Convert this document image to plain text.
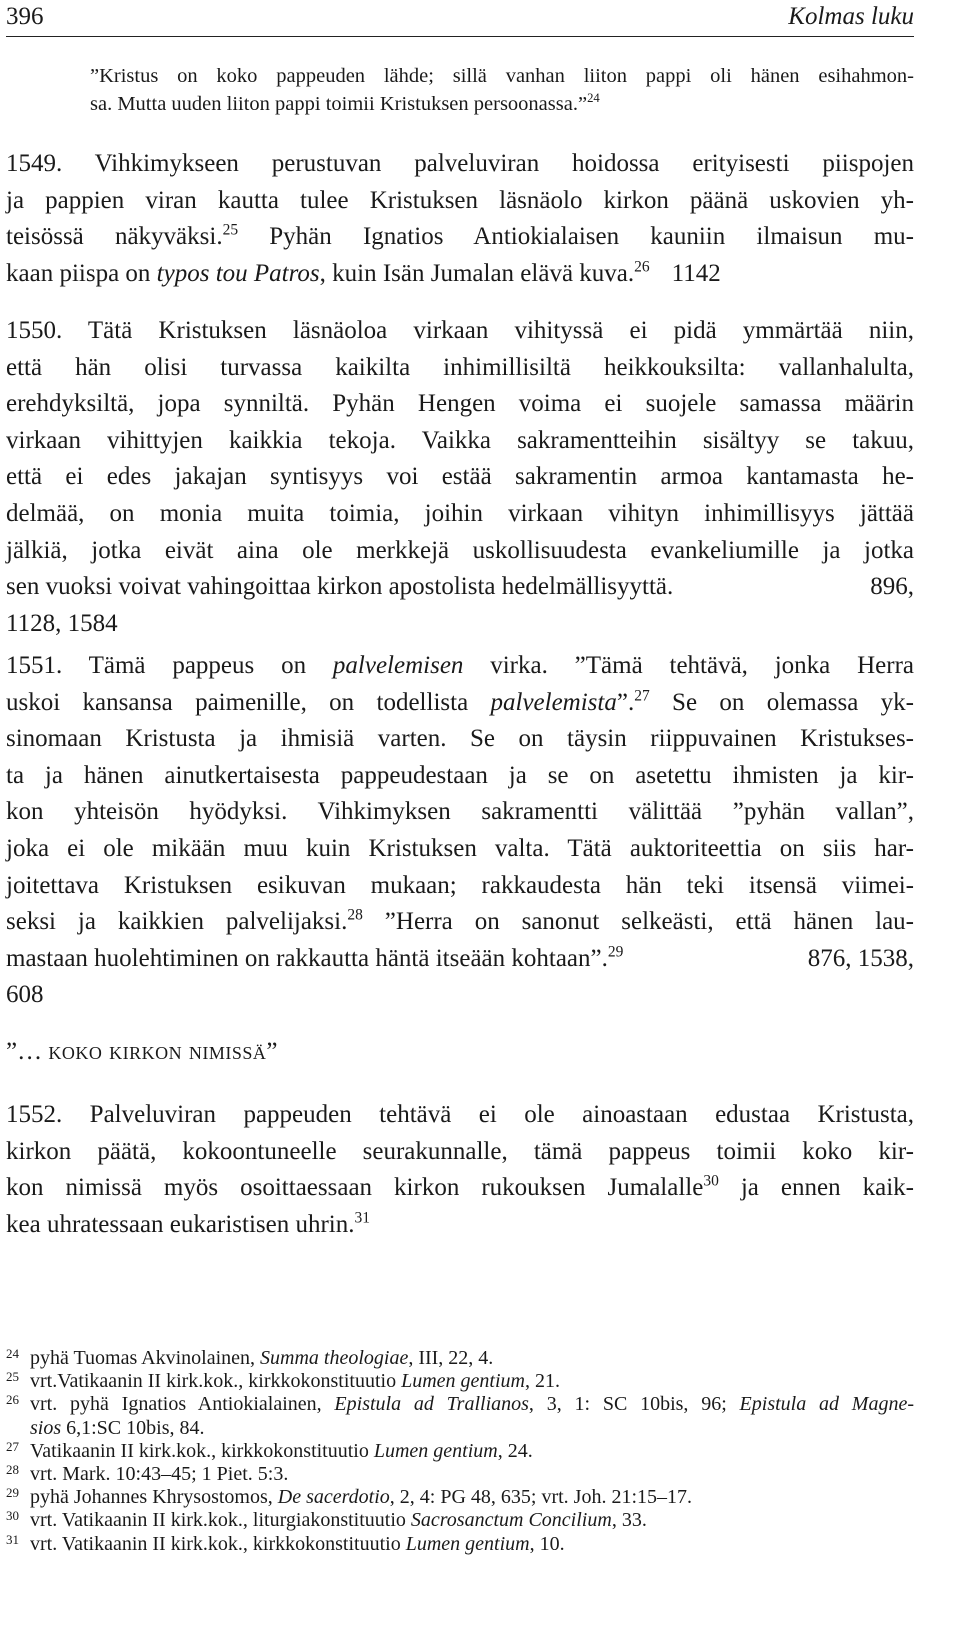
396	Kolmas luku
”Kristus on koko pappeuden lähde; sillä vanhan liiton pappi oli hänen esihahmon-
sa. Mutta uuden liiton pappi toimii Kristuksen persoonassa.”$^{24}$
1549. Vihkimykseen perustuvan palveluviran hoidossa erityisesti piispojen
ja pappien viran kautta tulee Kristuksen läsnäolo kirkon päänä uskovien yh-
teisössä näkyväksi.$^{25}$ Pyhän Ignatios Antiokialaisen kauniin ilmaisun mu-
kaan piispa on typos tou Patros, kuin Isän Jumalan elävä kuva.$^{26}$ 1142
1550. Tätä Kristuksen läsnäoloa virkaan vihityssä ei pidä ymmärtää niin,
että hän olisi turvassa kaikilta inhimillisiltä heikkouksilta: vallanhalulta,
erehdyksiltä, jopa synniltä. Pyhän Hengen voima ei suojele samassa määrin
virkaan vihittyjen kaikkia tekoja. Vaikka sakramentteihin sisältyy se takuu,
että ei edes jakajan syntisyys voi estää sakramentin armoa kantamasta he-
delmää, on monia muita toimia, joihin virkaan vihityn inhimillisyys jättää
jälkiä, jotka eivät aina ole merkkejä uskollisuudesta evankeliumille ja jotka
sen vuoksi voivat vahingoittaa kirkon apostolista hedelmällisyyttä.	896,
1128, 1584
1551. Tämä pappeus on palvelemisen virka. ”Tämä tehtävä, jonka Herra
uskoi kansansa paimenille, on todellista palvelemista”.$^{27}$ Se on olemassa yk-
sinomaan Kristusta ja ihmisiä varten. Se on täysin riippuvainen Kristukses-
ta ja hänen ainutkertaisesta pappeudestaan ja se on asetettu ihmisten ja kir-
kon yhteisön hyödyksi. Vihkimyksen sakramentti välittää ”pyhän vallan”,
joka ei ole mikään muu kuin Kristuksen valta. Tätä auktoriteettia on siis har-
joitettava Kristuksen esikuvan mukaan; rakkaudesta hän teki itsensä viimei-
seksi ja kaikkien palvelijaksi.$^{28}$ ”Herra on sanonut selkeästi, että hänen lau-
mastaan huolehtiminen on rakkautta häntä itseään kohtaan”.$^{29}$	876, 1538,
608
”… koko kirkon nimissä”
1552. Palveluviran pappeuden tehtävä ei ole ainoastaan edustaa Kristusta,
kirkon päätä, kokoontuneelle seurakunnalle, tämä pappeus toimii koko kir-
kon nimissä myös osoittaessaan kirkon rukouksen Jumalalle$^{30}$ ja ennen kaik-
kea uhratessaan eukaristisen uhrin.$^{31}$
24 pyhä Tuomas Akvinolainen, Summa theologiae, III, 22, 4.
25 vrt.Vatikaanin II kirk.kok., kirkkokonstituutio Lumen gentium, 21.
26 vrt. pyhä Ignatios Antiokialainen, Epistula ad Trallianos, 3, 1: SC 10bis, 96; Epistula ad Magne-
sios 6,1:SC 10bis, 84.
27 Vatikaanin II kirk.kok., kirkkokonstituutio Lumen gentium, 24.
28 vrt. Mark. 10:43–45; 1 Piet. 5:3.
29 pyhä Johannes Khrysostomos, De sacerdotio, 2, 4: PG 48, 635; vrt. Joh. 21:15–17.
30 vrt. Vatikaanin II kirk.kok., liturgiakonstituutio Sacrosanctum Concilium, 33.
31 vrt. Vatikaanin II kirk.kok., kirkkokonstituutio Lumen gentium, 10.
